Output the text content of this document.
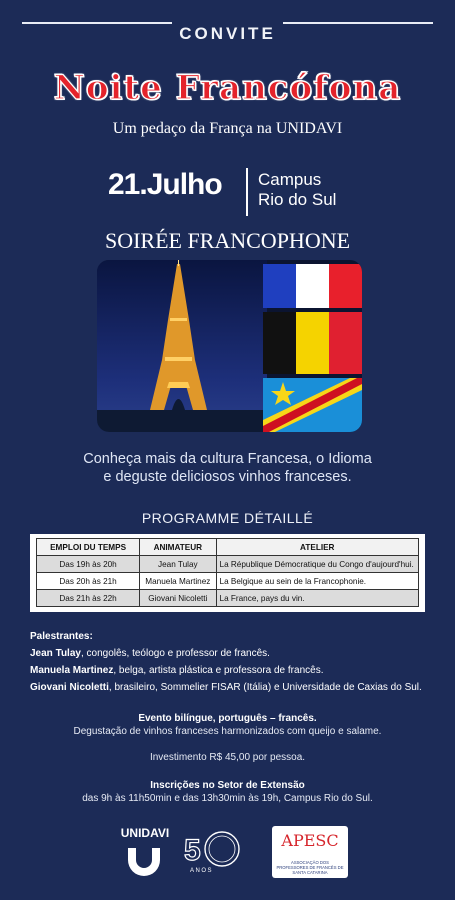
CONVITE
Noite Francófona
Um pedaço da França na UNIDAVI
21.Julho Campus
Rio do Sul
SOIRÉE FRANCOPHONE
Conheça mais da cultura Francesa, o Idioma
e deguste deliciosos vinhos franceses.
PROGRAMME DÉTAILLÉ
EMPLOI DU TEMPS	ANIMATEUR	ATELIER
Das 19h às 20h	Jean Tulay	La République Démocratique du Congo d'aujourd'hui.
Das 20h às 21h	Manuela Martinez	La Belgique au sein de la Francophonie.
Das 21h às 22h	Giovani Nicoletti	La France, pays du vin.
Palestrantes:
Jean Tulay, congolês, teólogo e professor de francês.
Manuela Martinez, belga, artista plástica e professora de francês.
Giovani Nicoletti, brasileiro, Sommelier FISAR (Itália) e Universidade de Caxias do Sul.
Evento bilíngue, português – francês.
Degustação de vinhos franceses harmonizados com queijo e salame.
Investimento R$ 45,00 por pessoa.
Inscrições no Setor de Extensão
das 9h às 11h50min e das 13h30min às 19h, Campus Rio do Sul.
UNIDAVI
5
ANOS
APESC
ASSOCIAÇÃO DOS PROFESSORES DE FRANCÊS DE SANTA CATARINA
